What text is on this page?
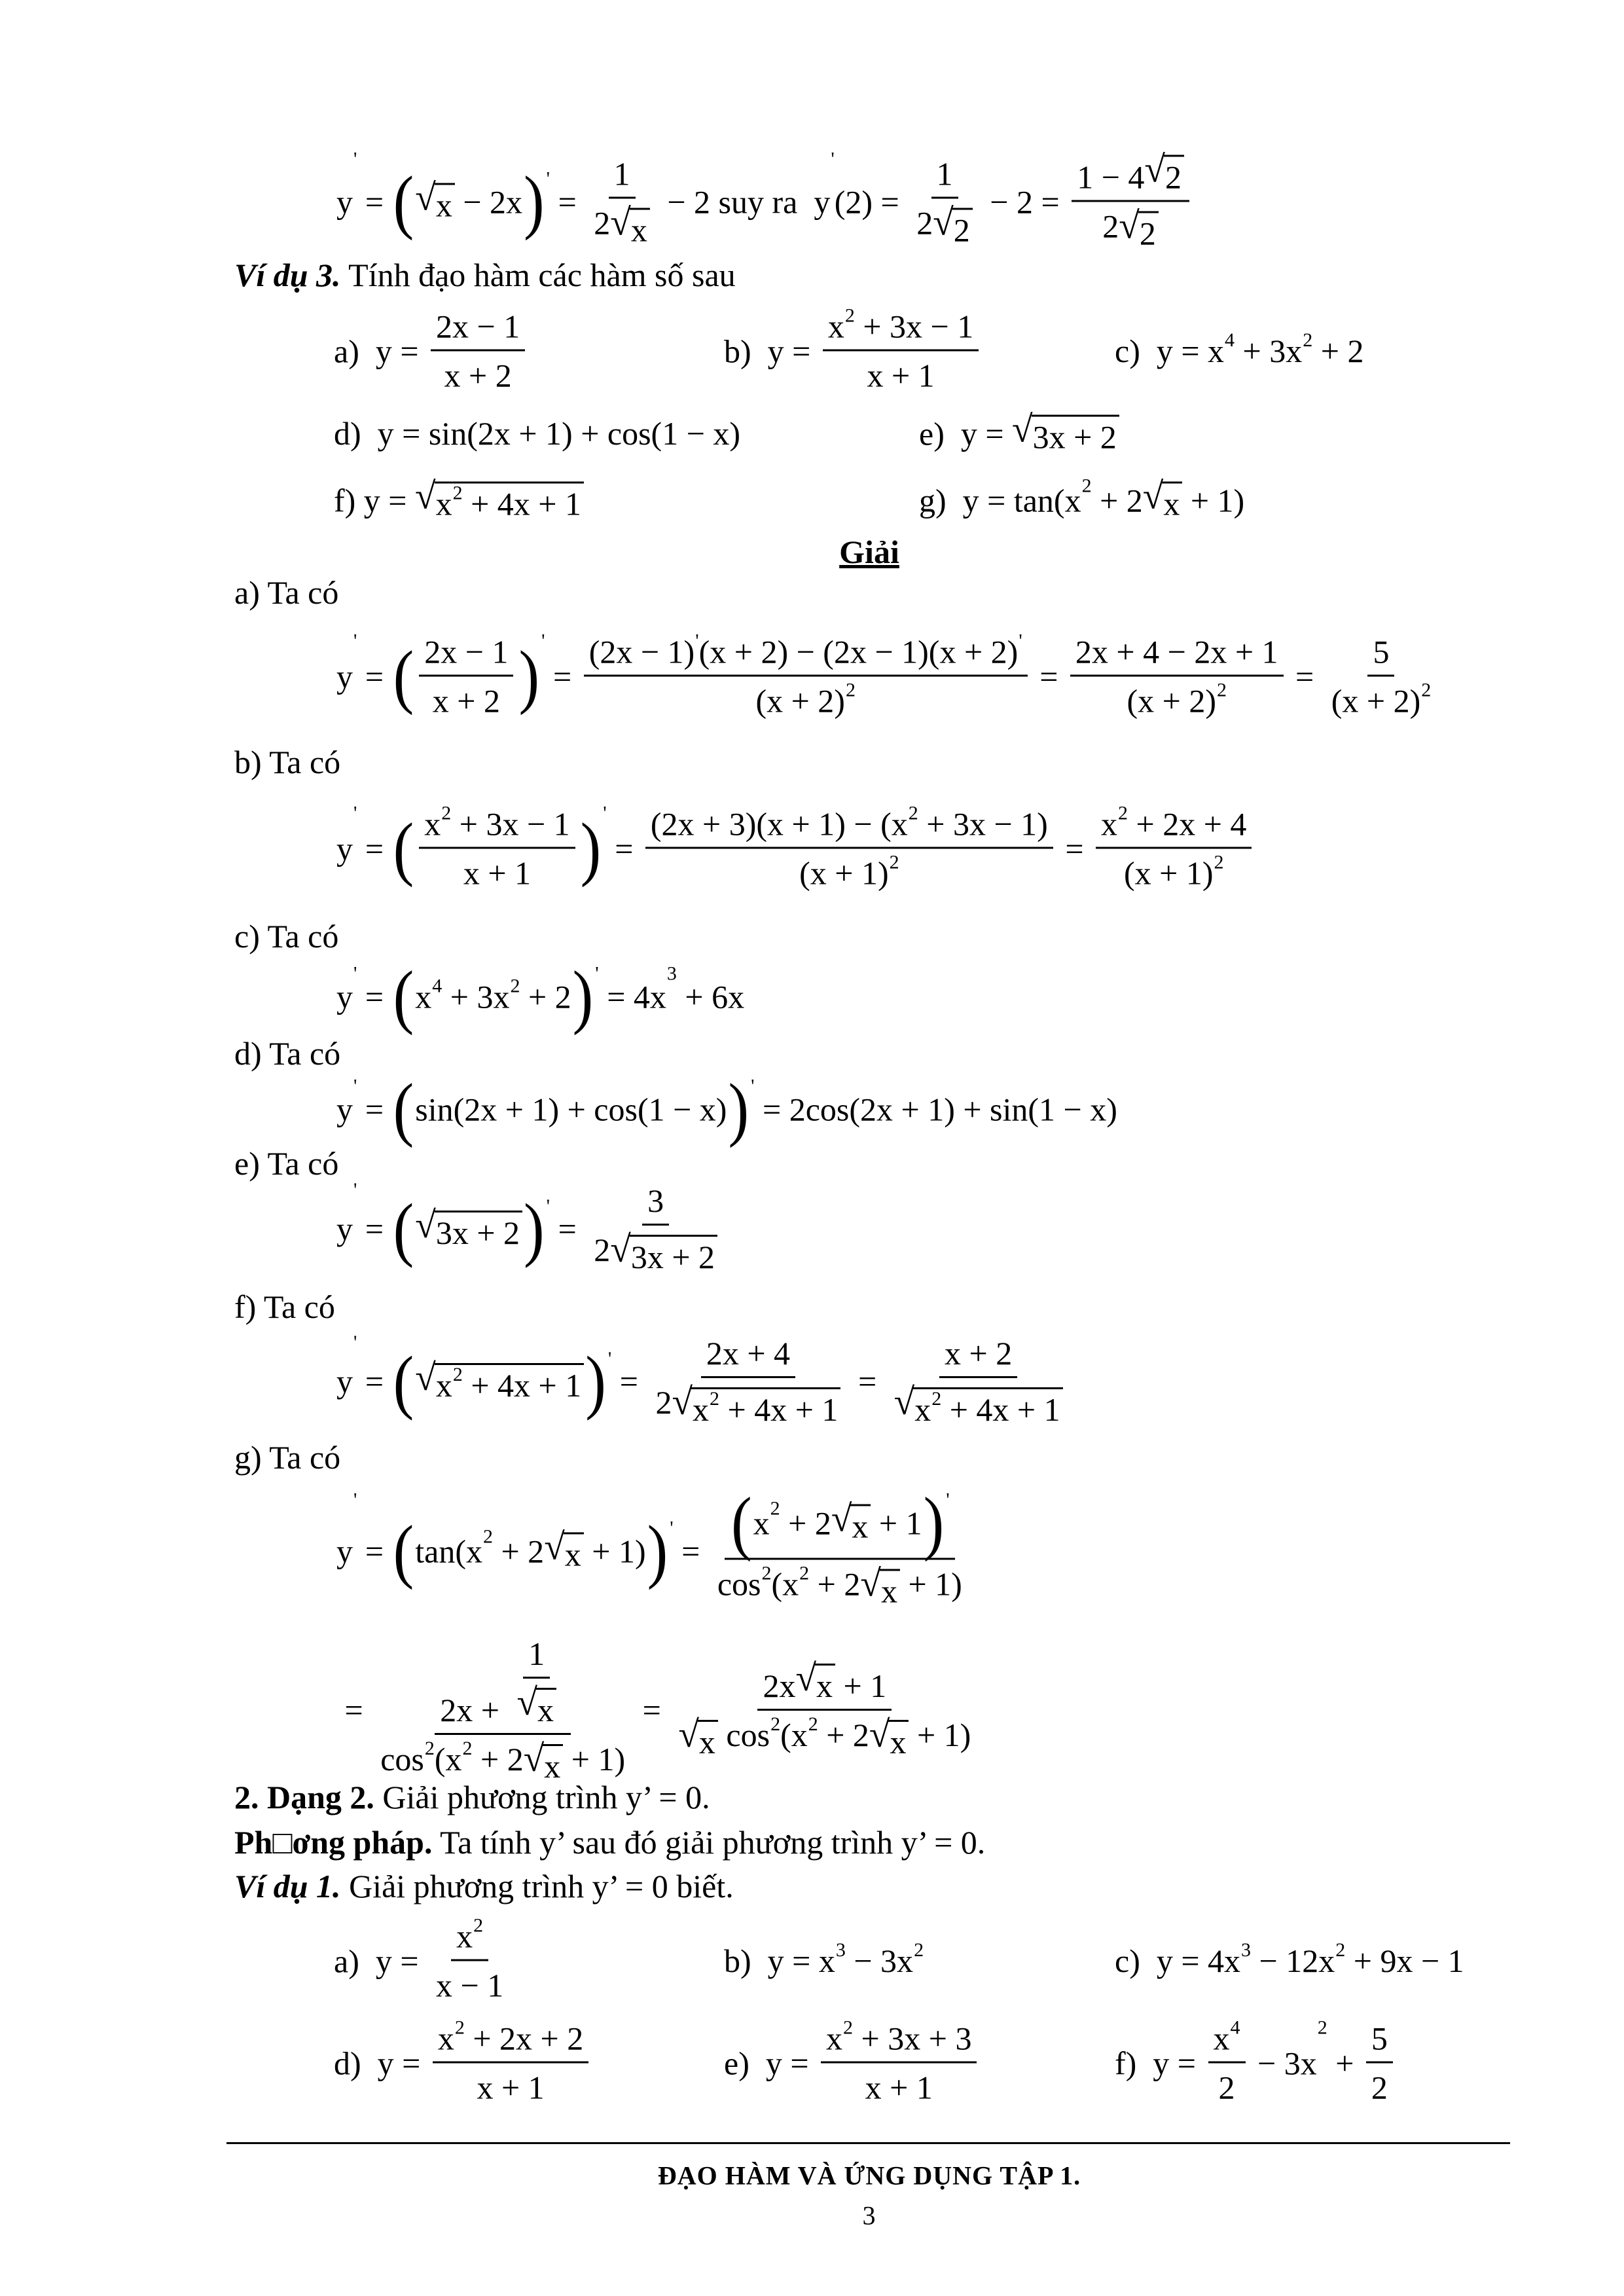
y
'
= ( √ x − 2x ) '
= $\frac{1}{2 √ x} - 2$ suy ra  y
'
$(2) = \frac{1}{2 √ 2} - 2 = \frac{1 - 4 √ 2}{2 √ 2}$
Ví dụ 3. Tính đạo hàm các hàm số sau
a)  $y = \frac{2x - 1}{x + 2}$	b)  $y = \frac{x 2 + 3x - 1}{x + 1}$	c)  y = x 4 + 3x 2 + 2
d)  y = sin(2x + 1) + cos(1 − x)	e)  y = √ 3x + 2
f) y = √ x 2 + 4x + 1	g)  y = tan(x 2 + 2 √ x + 1)
Giải
a) Ta có
y
'
= ( $\frac{2x - 1}{x + 2}$ ) '
= $\frac{(2x - 1) ' (x + 2) - (2x - 1)(x + 2) '}{(x + 2) 2} = \frac{2x + 4 - 2x + 1}{(x + 2) 2} = \frac{5}{(x + 2) 2}$
b) Ta có
y
'
= ( $\frac{x 2 + 3x - 1}{x + 1}$ ) '
= $\frac{(2x + 3)(x + 1) - (x 2 + 3x - 1)}{(x + 1) 2} = \frac{x 2 + 2x + 4}{(x + 1) 2}$
c) Ta có
y
'
= ( x 4 + 3x 2 + 2 ) '
= 4x
3
+ 6x
d) Ta có
y
'
= ( sin(2x + 1) + cos(1 − x) ) '
= 2cos(2x + 1) + sin(1 − x)
e) Ta có
y
'
= ( √ 3x + 2 ) '
= $\frac{3}{2 √ 3x + 2}$
f) Ta có
y
'
= ( √ x 2 + 4x + 1 ) '
= $\frac{2x + 4}{2 √ x 2 + 4x + 1} = \frac{x + 2}{√ x 2 + 4x + 1}$
g) Ta có
y
'
= ( tan(x 2 + 2 √ x + 1) ) '
= $\frac{( x 2 + 2 √ x + 1 ) '}{\cos 2 (x 2 + 2 √ x + 1)}$
= $\frac{2x + \frac{1}{√ x}}{\cos 2 (x 2 + 2 √ x + 1)} = \frac{2x √ x + 1}{\text{√ x cos 2 (x 2 + 2 √ x + 1)}}$
2. Dạng 2. Giải phương trình y’ = 0.
Ph□ơng pháp. Ta tính y’ sau đó giải phương trình y’ = 0.
Ví dụ 1. Giải phương trình y’ = 0 biết.
a)  $y = \frac{x 2}{x - 1}$	b)  y = x 3 − 3x 2	c)  y = 4x 3 − 12x 2 + 9x − 1
d)  $y = \frac{x 2 + 2x + 2}{x + 1}$	e)  $y = \frac{x 2 + 3x + 3}{x + 1}$	f)  $y = \frac{x 4}{2} - 3x$
2
+ $\frac{5}{2}$
ĐẠO HÀM VÀ ỨNG DỤNG TẬP 1.
3
